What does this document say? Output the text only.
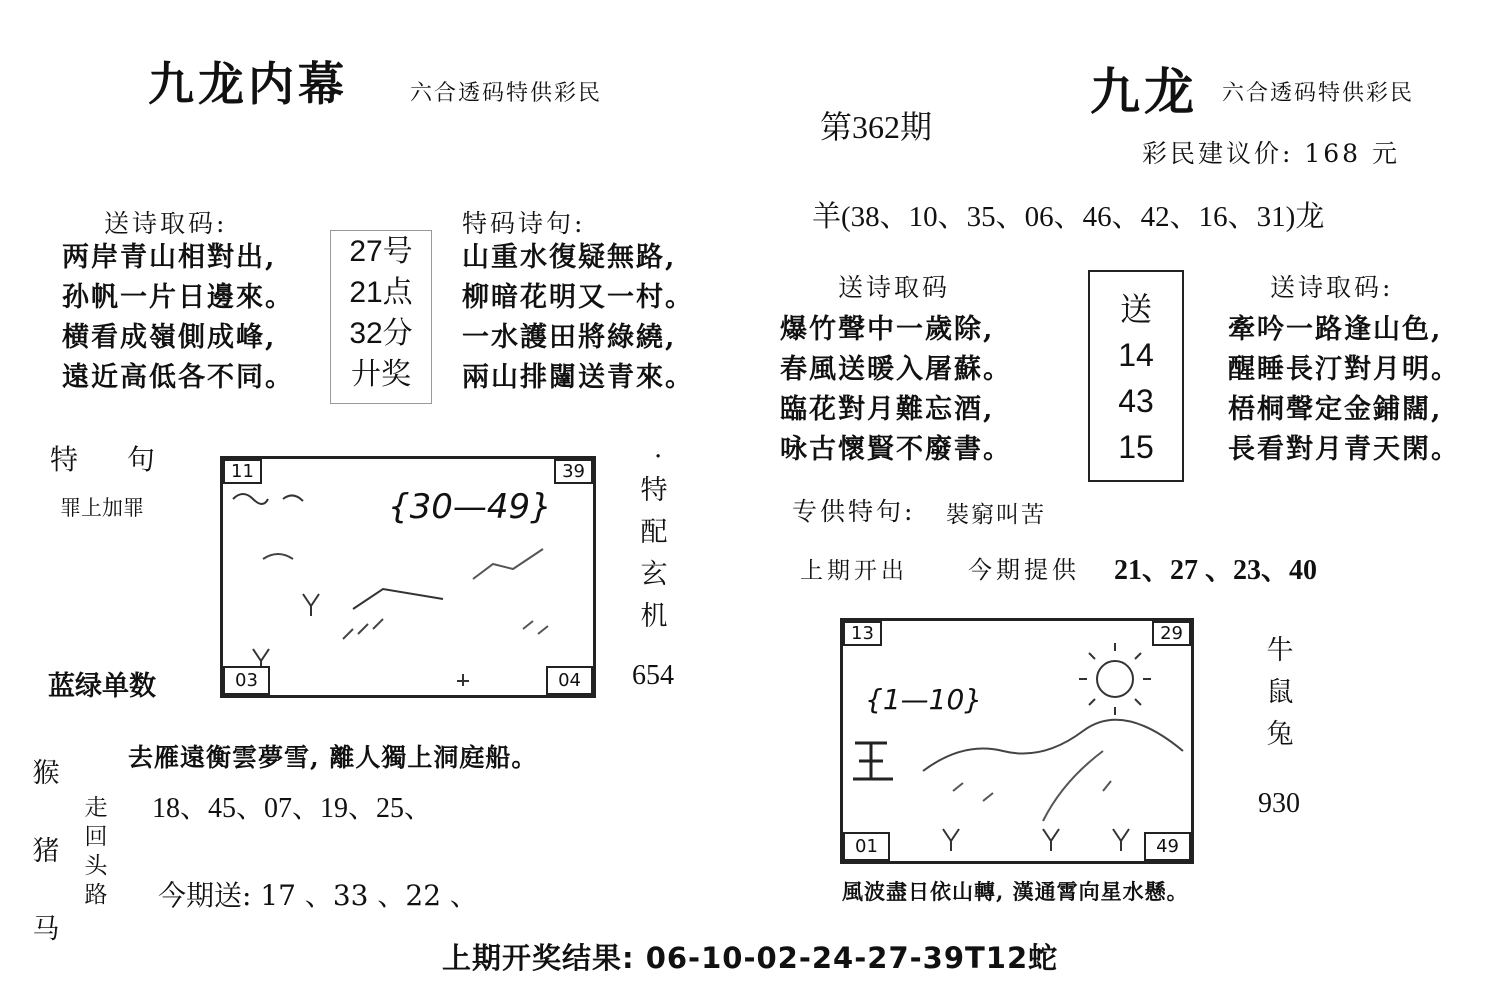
九龙内幕	六合透码特供彩民
送诗取码:
两岸青山相對出,
孙帆一片日邊來。
横看成嶺側成峰,
遠近高低各不同。
27号
21点
32分
廾奖
特码诗句:
山重水復疑無路,
柳暗花明又一村。
一水護田將綠繞,
兩山排闥送青來。
特 句
罪上加罪	{30—49}
11	39
03	04
·
特
配
玄
机
654
蓝绿单数
去雁遠衡雲夢雪, 離人獨上洞庭船。
猴
猪
马
走
回
头
路
18、45、07、19、25、
今期送: 17 、33 、22 、
第362期
九龙 六合透码特供彩民
彩民建议价: 168 元
羊(38、10、35、06、46、42、16、31)龙
送诗取码
爆竹聲中一歲除,
春風送暖入屠蘇。
臨花對月難忘酒,
咏古懷賢不廢書。
送
14
43
15
送诗取码:
牽吟一路逢山色,
醒睡長汀對月明。
梧桐聲定金鋪闊,
長看對月青天閑。
专供特句: 裝窮叫苦
上期开出	今期提供 21、27 、23、40
{1—10}
13	29
01	49
牛
鼠
兔
930
風波盡日依山轉, 漢通霄向星水懸。
上期开奖结果: 06-10-02-24-27-39T12蛇
